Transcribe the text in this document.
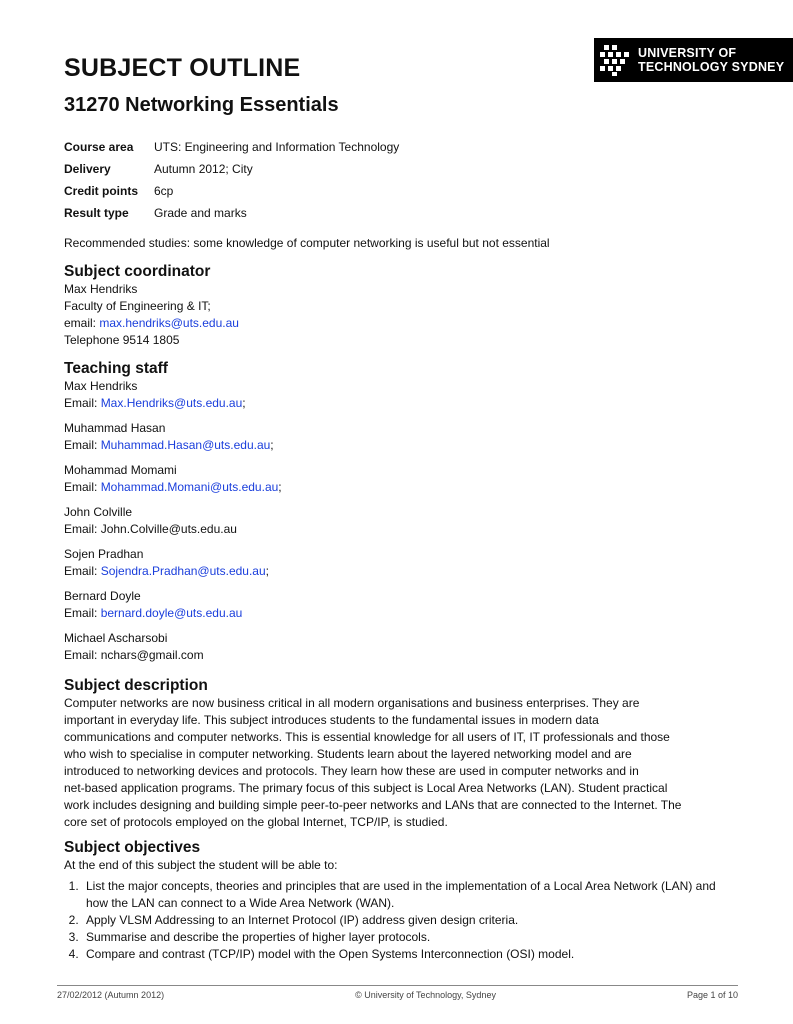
SUBJECT OUTLINE
31270 Networking Essentials
UNIVERSITY OF
TECHNOLOGY SYDNEY
Course area	UTS: Engineering and Information Technology
Delivery	Autumn 2012; City
Credit points	6cp
Result type	Grade and marks
Recommended studies: some knowledge of computer networking is useful but not essential
Subject coordinator
Max Hendriks
Faculty of Engineering & IT;
email: max.hendriks@uts.edu.au
Telephone 9514 1805
Teaching staff
Max Hendriks
Email: Max.Hendriks@uts.edu.au;
Muhammad Hasan
Email: Muhammad.Hasan@uts.edu.au;
Mohammad Momami
Email: Mohammad.Momani@uts.edu.au;
John Colville
Email: John.Colville@uts.edu.au
Sojen Pradhan
Email: Sojendra.Pradhan@uts.edu.au;
Bernard Doyle
Email: bernard.doyle@uts.edu.au
Michael Ascharsobi
Email: nchars@gmail.com
Subject description
Computer networks are now business critical in all modern organisations and business enterprises. They are
important in everyday life. This subject introduces students to the fundamental issues in modern data
communications and computer networks. This is essential knowledge for all users of IT, IT professionals and those
who wish to specialise in computer networking. Students learn about the layered networking model and are
introduced to networking devices and protocols. They learn how these are used in computer networks and in
net-based application programs. The primary focus of this subject is Local Area Networks (LAN). Student practical
work includes designing and building simple peer-to-peer networks and LANs that are connected to the Internet. The
core set of protocols employed on the global Internet, TCP/IP, is studied.
Subject objectives
At the end of this subject the student will be able to:
1. List the major concepts, theories and principles that are used in the implementation of a Local Area Network (LAN) and how the LAN can connect to a Wide Area Network (WAN).
2. Apply VLSM Addressing to an Internet Protocol (IP) address given design criteria.
3. Summarise and describe the properties of higher layer protocols.
4. Compare and contrast (TCP/IP) model with the Open Systems Interconnection (OSI) model.
27/02/2012 (Autumn 2012)	© University of Technology, Sydney	Page 1 of 10
